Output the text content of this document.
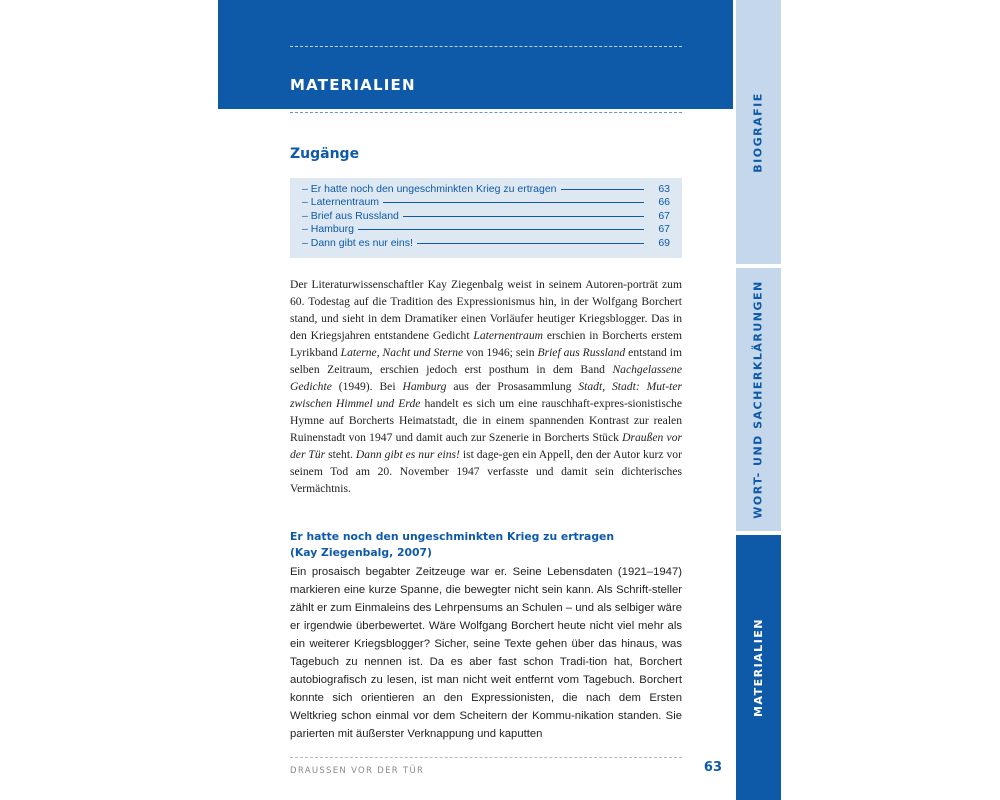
MATERIALIEN
BIOGRAFIE
WORT- UND SACHERKLÄRUNGEN
MATERIALIEN
Zugänge
– Er hatte noch den ungeschminkten Krieg zu ertragen	63
– Laternentraum	66
– Brief aus Russland	67
– Hamburg	67
– Dann gibt es nur eins!	69

Der Literaturwissenschaftler Kay Ziegenbalg weist in seinem Autoren-porträt zum 60. Todestag auf die Tradition des Expressionismus hin, in der Wolfgang Borchert stand, und sieht in dem Dramatiker einen Vorläufer heutiger Kriegsblogger. Das in den Kriegsjahren entstandene Gedicht Laternentraum erschien in Borcherts erstem Lyrikband Laterne, Nacht und Sterne von 1946; sein Brief aus Russland entstand im selben Zeitraum, erschien jedoch erst posthum in dem Band Nachgelassene Gedichte (1949). Bei Hamburg aus der Prosasammlung Stadt, Stadt: Mut-ter zwischen Himmel und Erde handelt es sich um eine rauschhaft-expres-sionistische Hymne auf Borcherts Heimatstadt, die in einem spannenden Kontrast zur realen Ruinenstadt von 1947 und damit auch zur Szenerie in Borcherts Stück Draußen vor der Tür steht. Dann gibt es nur eins! ist dage-gen ein Appell, den der Autor kurz vor seinem Tod am 20. November 1947 verfasste und damit sein dichterisches Vermächtnis.

Er hatte noch den ungeschminkten Krieg zu ertragen
(Kay Ziegenbalg, 2007)

Ein prosaisch begabter Zeitzeuge war er. Seine Lebensdaten (1921–1947) markieren eine kurze Spanne, die bewegter nicht sein kann. Als Schrift-steller zählt er zum Einmaleins des Lehrpensums an Schulen – und als selbiger wäre er irgendwie überbewertet. Wäre Wolfgang Borchert heute nicht viel mehr als ein weiterer Kriegsblogger? Sicher, seine Texte gehen über das hinaus, was Tagebuch zu nennen ist. Da es aber fast schon Tradi-tion hat, Borchert autobiografisch zu lesen, ist man nicht weit entfernt vom Tagebuch. Borchert konnte sich orientieren an den Expressionisten, die nach dem Ersten Weltkrieg schon einmal vor dem Scheitern der Kommu-nikation standen. Sie parierten mit äußerster Verknappung und kaputten

DRAUSSEN VOR DER TÜR	63
